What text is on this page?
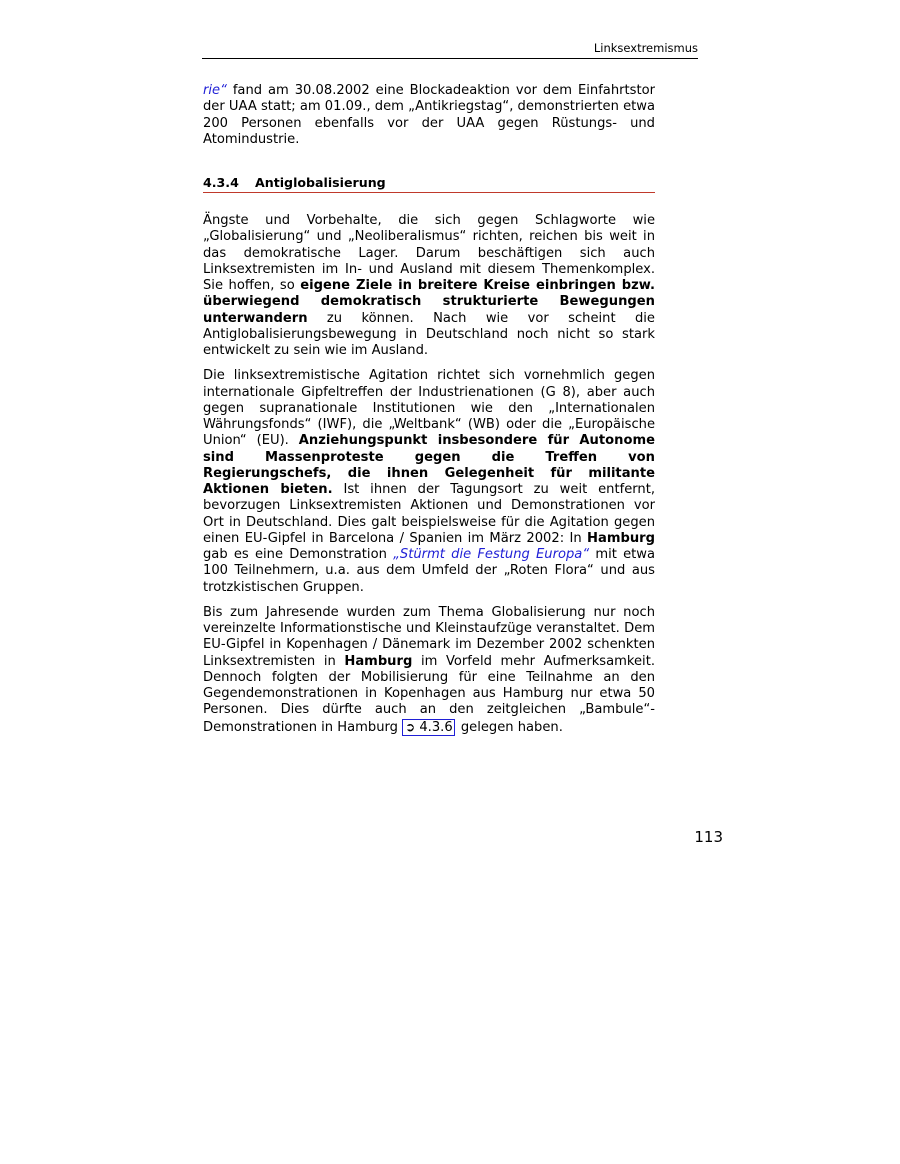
Linksextremismus

rie“ fand am 30.08.2002 eine Blockadeaktion vor dem Einfahrtstor der UAA statt; am 01.09., dem „Antikriegstag“, demonstrierten etwa 200 Personen ebenfalls vor der UAA gegen Rüstungs- und Atomindustrie.

4.3.4 Antiglobalisierung

Ängste und Vorbehalte, die sich gegen Schlagworte wie „Globalisierung“ und „Neoliberalismus“ richten, reichen bis weit in das demokratische Lager. Darum beschäftigen sich auch Linksextremisten im In- und Ausland mit diesem Themenkomplex. Sie hoffen, so eigene Ziele in breitere Kreise einbringen bzw. überwiegend demokratisch strukturierte Bewegungen unterwandern zu können. Nach wie vor scheint die Antiglobalisierungsbewegung in Deutschland noch nicht so stark entwickelt zu sein wie im Ausland.

Die linksextremistische Agitation richtet sich vornehmlich gegen internationale Gipfeltreffen der Industrienationen (G 8), aber auch gegen supranationale Institutionen wie den „Internationalen Währungsfonds“ (IWF), die „Weltbank“ (WB) oder die „Europäische Union“ (EU). Anziehungspunkt insbesondere für Autonome sind Massenproteste gegen die Treffen von Regierungschefs, die ihnen Gelegenheit für militante Aktionen bieten. Ist ihnen der Tagungsort zu weit entfernt, bevorzugen Linksextremisten Aktionen und Demonstrationen vor Ort in Deutschland. Dies galt beispielsweise für die Agitation gegen einen EU-Gipfel in Barcelona / Spanien im März 2002: In Hamburg gab es eine Demonstration „Stürmt die Festung Europa“ mit etwa 100 Teilnehmern, u.a. aus dem Umfeld der „Roten Flora“ und aus trotzkistischen Gruppen.

Bis zum Jahresende wurden zum Thema Globalisierung nur noch vereinzelte Informationstische und Kleinstaufzüge veranstaltet. Dem EU-Gipfel in Kopenhagen / Dänemark im Dezember 2002 schenkten Linksextremisten in Hamburg im Vorfeld mehr Aufmerksamkeit. Dennoch folgten der Mobilisierung für eine Teilnahme an den Gegendemonstrationen in Kopenhagen aus Hamburg nur etwa 50 Personen. Dies dürfte auch an den zeitgleichen „Bambule“-Demonstrationen in Hamburg ➲ 4.3.6 gelegen haben.

113
